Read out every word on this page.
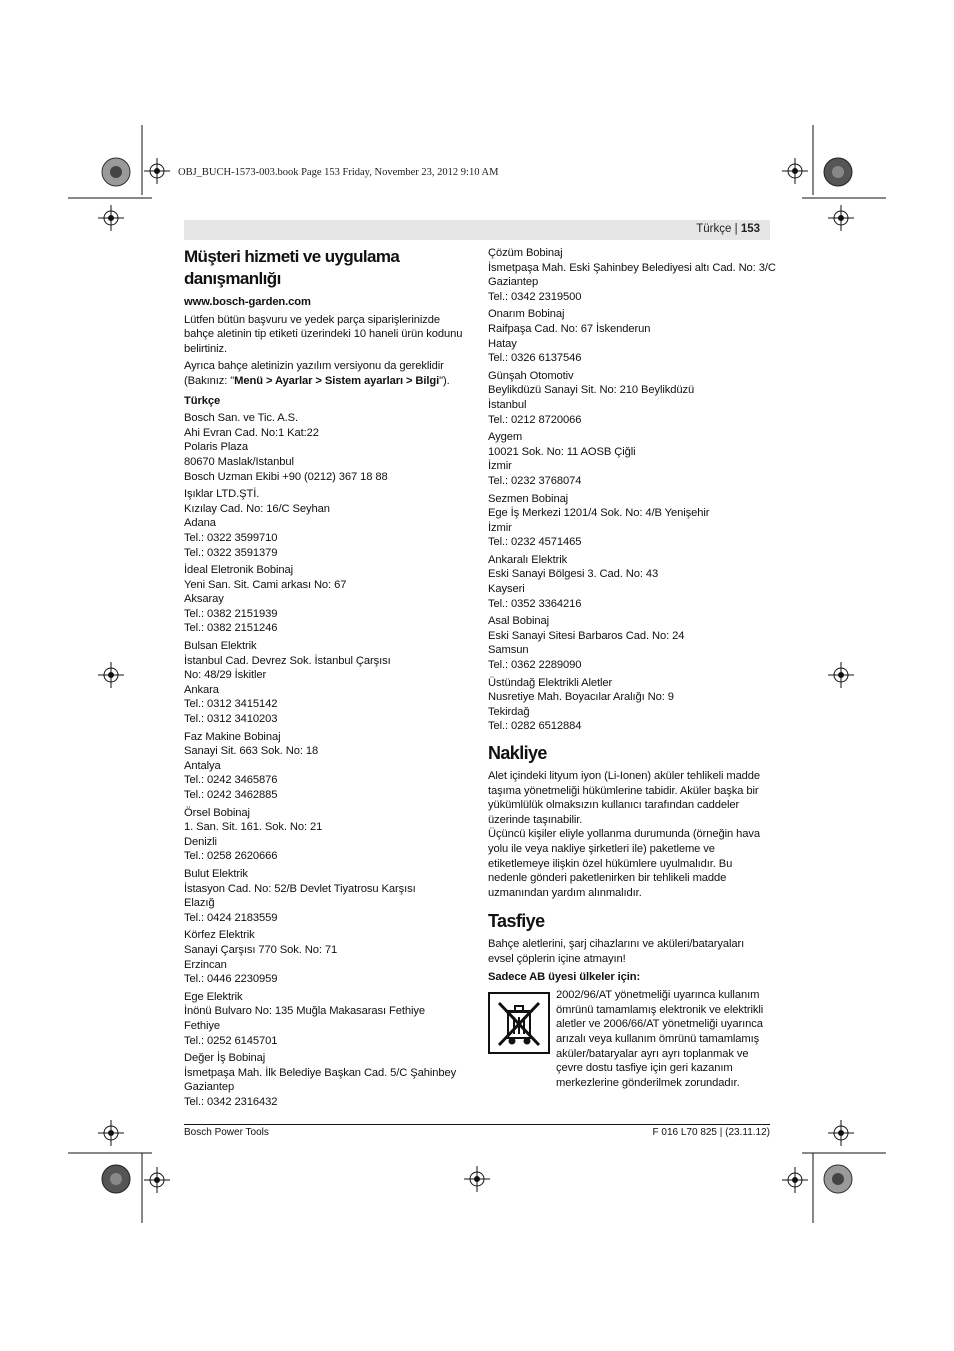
OBJ_BUCH-1573-003.book Page 153 Friday, November 23, 2012 9:10 AM
Türkçe | 153
Müşteri hizmeti ve uygulama danışmanlığı

www.bosch-garden.com

Lütfen bütün başvuru ve yedek parça siparişlerinizde bahçe aletinin tip etiketi üzerindeki 10 haneli ürün kodunu belirtiniz.

Ayrıca bahçe aletinizin yazılım versiyonu da gereklidir (Bakınız: "Menü > Ayarlar > Sistem ayarları > Bilgi").

Türkçe

Bosch San. ve Tic. A.S.
Ahi Evran Cad. No:1 Kat:22
Polaris Plaza
80670 Maslak/Istanbul
Bosch Uzman Ekibi +90 (0212) 367 18 88
Işıklar LTD.ŞTİ.
Kızılay Cad. No: 16/C Seyhan
Adana
Tel.: 0322 3599710
Tel.: 0322 3591379
İdeal Eletronik Bobinaj
Yeni San. Sit. Cami arkası No: 67
Aksaray
Tel.: 0382 2151939
Tel.: 0382 2151246
Bulsan Elektrik
İstanbul Cad. Devrez Sok. İstanbul Çarşısı
No: 48/29 İskitler
Ankara
Tel.: 0312 3415142
Tel.: 0312 3410203
Faz Makine Bobinaj
Sanayi Sit. 663 Sok. No: 18
Antalya
Tel.: 0242 3465876
Tel.: 0242 3462885
Örsel Bobinaj
1. San. Sit. 161. Sok. No: 21
Denizli
Tel.: 0258 2620666
Bulut Elektrik
İstasyon Cad. No: 52/B Devlet Tiyatrosu Karşısı
Elazığ
Tel.: 0424 2183559
Körfez Elektrik
Sanayi Çarşısı 770 Sok. No: 71
Erzincan
Tel.: 0446 2230959
Ege Elektrik
İnönü Bulvaro No: 135 Muğla Makasarası Fethiye
Fethiye
Tel.: 0252 6145701
Değer İş Bobinaj
İsmetpaşa Mah. İlk Belediye Başkan Cad. 5/C Şahinbey
Gaziantep
Tel.: 0342 2316432
Çözüm Bobinaj
İsmetpaşa Mah. Eski Şahinbey Belediyesi altı Cad. No: 3/C
Gaziantep
Tel.: 0342 2319500
Onarım Bobinaj
Raifpaşa Cad. No: 67 İskenderun
Hatay
Tel.: 0326 6137546
Günşah Otomotiv
Beylikdüzü Sanayi Sit. No: 210 Beylikdüzü
İstanbul
Tel.: 0212 8720066
Aygem
10021 Sok. No: 11 AOSB Çiğli
İzmir
Tel.: 0232 3768074
Sezmen Bobinaj
Ege İş Merkezi 1201/4 Sok. No: 4/B Yenişehir
İzmir
Tel.: 0232 4571465
Ankaralı Elektrik
Eski Sanayi Bölgesi 3. Cad. No: 43
Kayseri
Tel.: 0352 3364216
Asal Bobinaj
Eski Sanayi Sitesi Barbaros Cad. No: 24
Samsun
Tel.: 0362 2289090
Üstündağ Elektrikli Aletler
Nusretiye Mah. Boyacılar Aralığı No: 9
Tekirdağ
Tel.: 0282 6512884
Nakliye

Alet içindeki lityum iyon (Li-Ionen) aküler tehlikeli madde taşıma yönetmeliği hükümlerine tabidir. Aküler başka bir yükümlülük olmaksızın kullanıcı tarafından caddeler üzerinde taşınabilir.

Üçüncü kişiler eliyle yollanma durumunda (örneğin hava yolu ile veya nakliye şirketleri ile) paketleme ve etiketlemeye ilişkin özel hükümlere uyulmalıdır. Bu nedenle gönderi paketlenirken bir tehlikeli madde uzmanından yardım alınmalıdır.

Tasfiye

Bahçe aletlerini, şarj cihazlarını ve aküleri/bataryaları evsel çöplerin içine atmayın!

Sadece AB üyesi ülkeler için:

2002/96/AT yönetmeliği uyarınca kullanım ömrünü tamamlamış elektronik ve elektrikli aletler ve 2006/66/AT yönetmeliği uyarınca arızalı veya kullanım ömrünü tamamlamış aküler/bataryalar ayrı ayrı toplanmak ve çevre dostu tasfiye için geri kazanım merkezlerine gönderilmek zorundadır.

Bosch Power Tools	F 016 L70 825 | (23.11.12)
